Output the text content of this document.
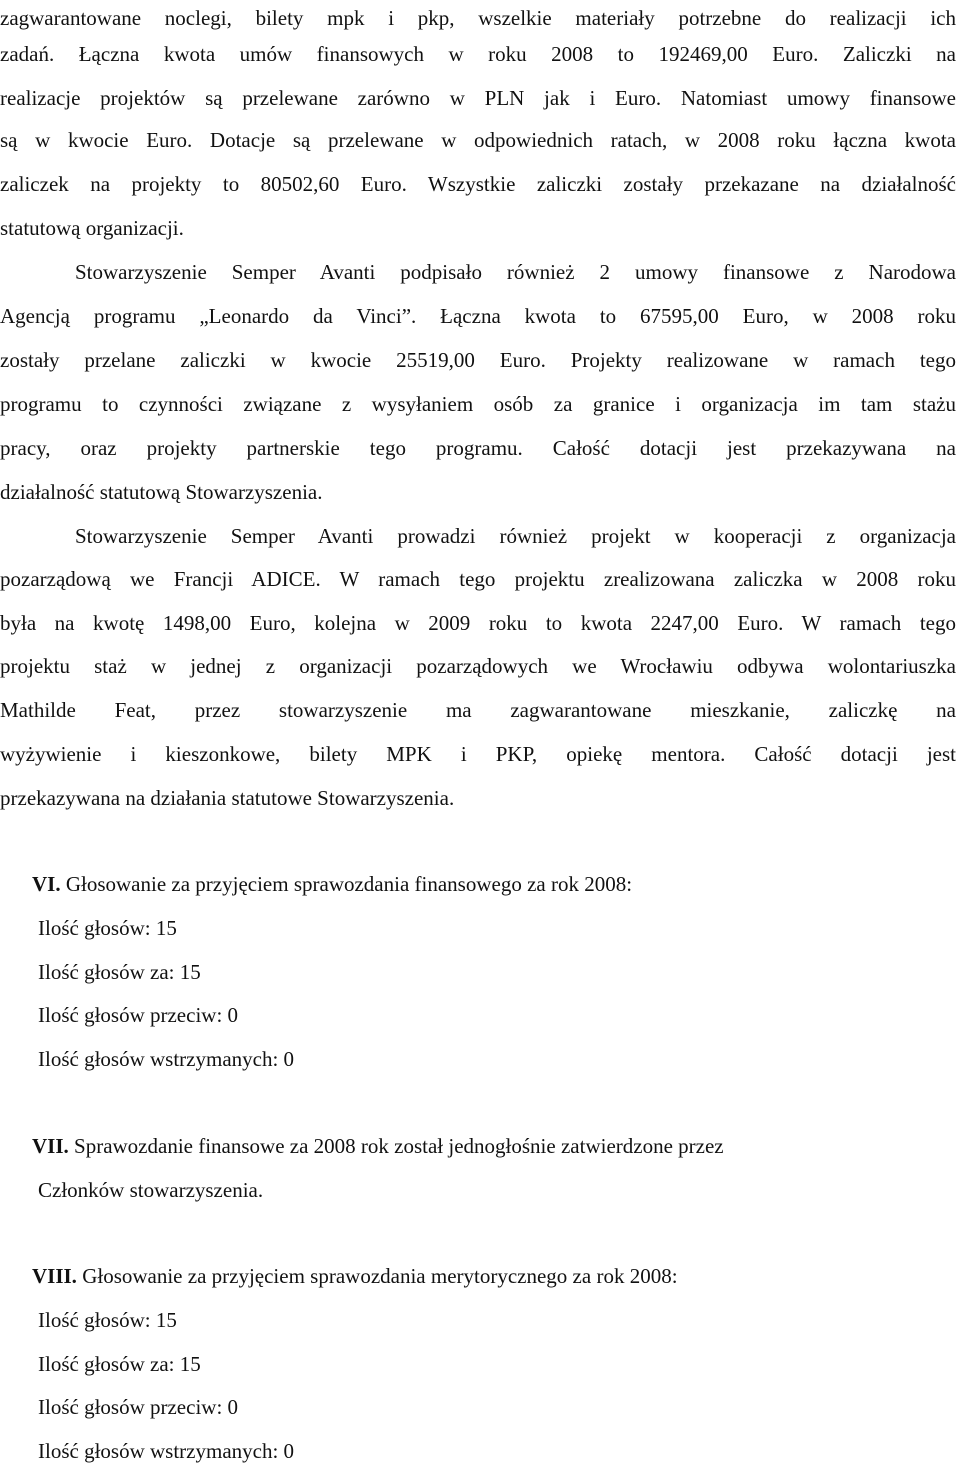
zagwarantowane noclegi, bilety mpk i pkp, wszelkie materiały potrzebne do realizacji ich
zadań. Łączna kwota umów finansowych w roku 2008 to 192469,00 Euro. Zaliczki na
realizacje projektów są przelewane zarówno w PLN jak i Euro. Natomiast umowy finansowe
są w kwocie Euro. Dotacje są przelewane w odpowiednich ratach, w 2008 roku łączna kwota
zaliczek na projekty to 80502,60 Euro. Wszystkie zaliczki zostały przekazane na działalność
statutową organizacji.
Stowarzyszenie Semper Avanti podpisało również 2 umowy finansowe z Narodowa
Agencją programu „Leonardo da Vinci”. Łączna kwota to 67595,00 Euro, w 2008 roku
zostały przelane zaliczki w kwocie 25519,00 Euro. Projekty realizowane w ramach tego
programu to czynności związane z wysyłaniem osób za granice i organizacja im tam stażu
pracy, oraz projekty partnerskie tego programu. Całość dotacji jest przekazywana na
działalność statutową Stowarzyszenia.
Stowarzyszenie Semper Avanti prowadzi również projekt w kooperacji z organizacja
pozarządową we Francji ADICE. W ramach tego projektu zrealizowana zaliczka w 2008 roku
była na kwotę 1498,00 Euro, kolejna w 2009 roku to kwota 2247,00 Euro. W ramach tego
projektu staż w jednej z organizacji pozarządowych we Wrocławiu odbywa wolontariuszka
Mathilde Feat, przez stowarzyszenie ma zagwarantowane mieszkanie, zaliczkę na
wyżywienie i kieszonkowe, bilety MPK i PKP, opiekę mentora. Całość dotacji jest
przekazywana na działania statutowe Stowarzyszenia.
VI. Głosowanie za przyjęciem sprawozdania finansowego za rok 2008:
Ilość głosów: 15
Ilość głosów za: 15
Ilość głosów przeciw: 0
Ilość głosów wstrzymanych: 0
VII. Sprawozdanie finansowe za 2008 rok został jednogłośnie zatwierdzone przez
Członków stowarzyszenia.
VIII. Głosowanie za przyjęciem sprawozdania merytorycznego za rok 2008:
Ilość głosów: 15
Ilość głosów za: 15
Ilość głosów przeciw: 0
Ilość głosów wstrzymanych: 0
